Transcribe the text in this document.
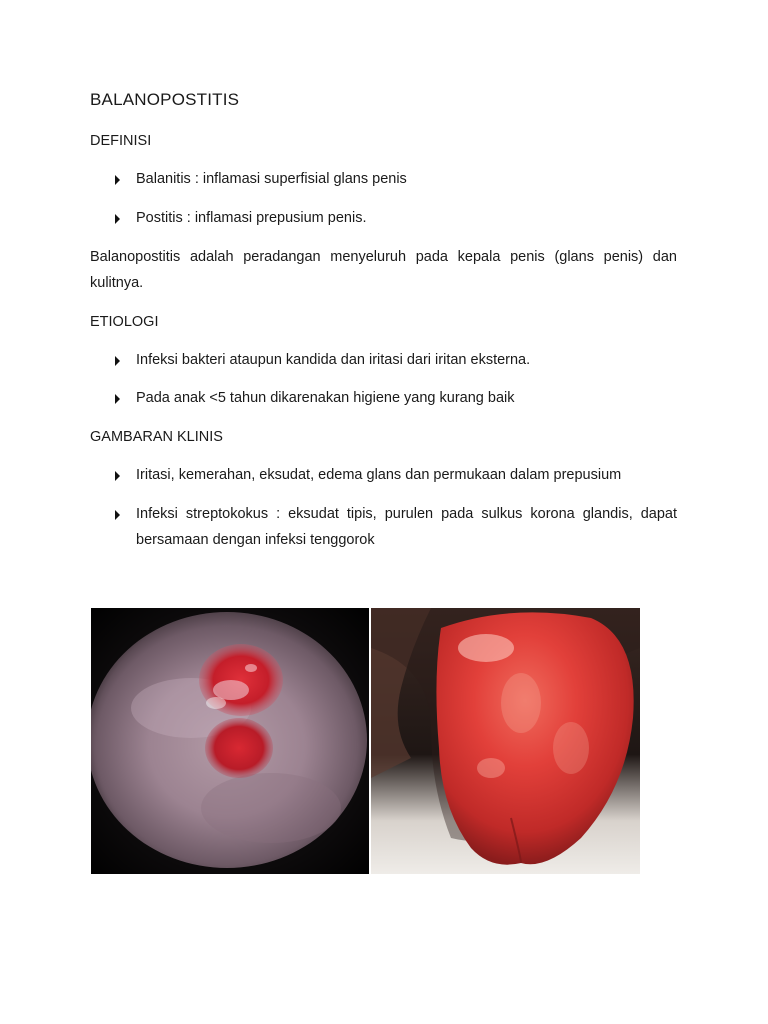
BALANOPOSTITIS
DEFINISI
Balanitis : inflamasi superfisial glans penis
Postitis : inflamasi prepusium penis.
Balanopostitis adalah peradangan menyeluruh pada kepala penis (glans penis) dan kulitnya.
ETIOLOGI
Infeksi bakteri ataupun kandida dan iritasi dari iritan eksterna.
Pada anak <5 tahun dikarenakan higiene yang kurang baik
GAMBARAN KLINIS
Iritasi, kemerahan, eksudat, edema glans dan permukaan dalam prepusium
Infeksi streptokokus : eksudat tipis, purulen pada sulkus korona glandis, dapat bersamaan dengan infeksi tenggorok
